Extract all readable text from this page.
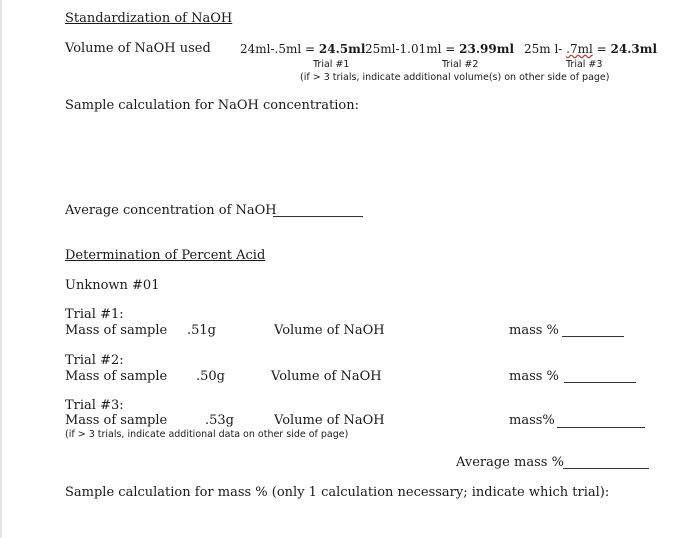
Standardization of NaOH
Volume of NaOH used 24ml-.5ml = 24.5ml 25ml-1.01ml = 23.99ml 25m l- .7ml = 24.3ml
Trial #1	Trial #2	Trial #3
(if > 3 trials, indicate additional volume(s) on other side of page)
Sample calculation for NaOH concentration:
Average concentration of NaOH
Determination of Percent Acid
Unknown #01
Trial #1:
Mass of sample .51g	Volume of NaOH	mass %
Trial #2:
Mass of sample .50g	Volume of NaOH	mass %
Trial #3:
Mass of sample	.53g	Volume of NaOH	mass%
(if > 3 trials, indicate additional data on other side of page)
Average mass %
Sample calculation for mass % (only 1 calculation necessary; indicate which trial):
